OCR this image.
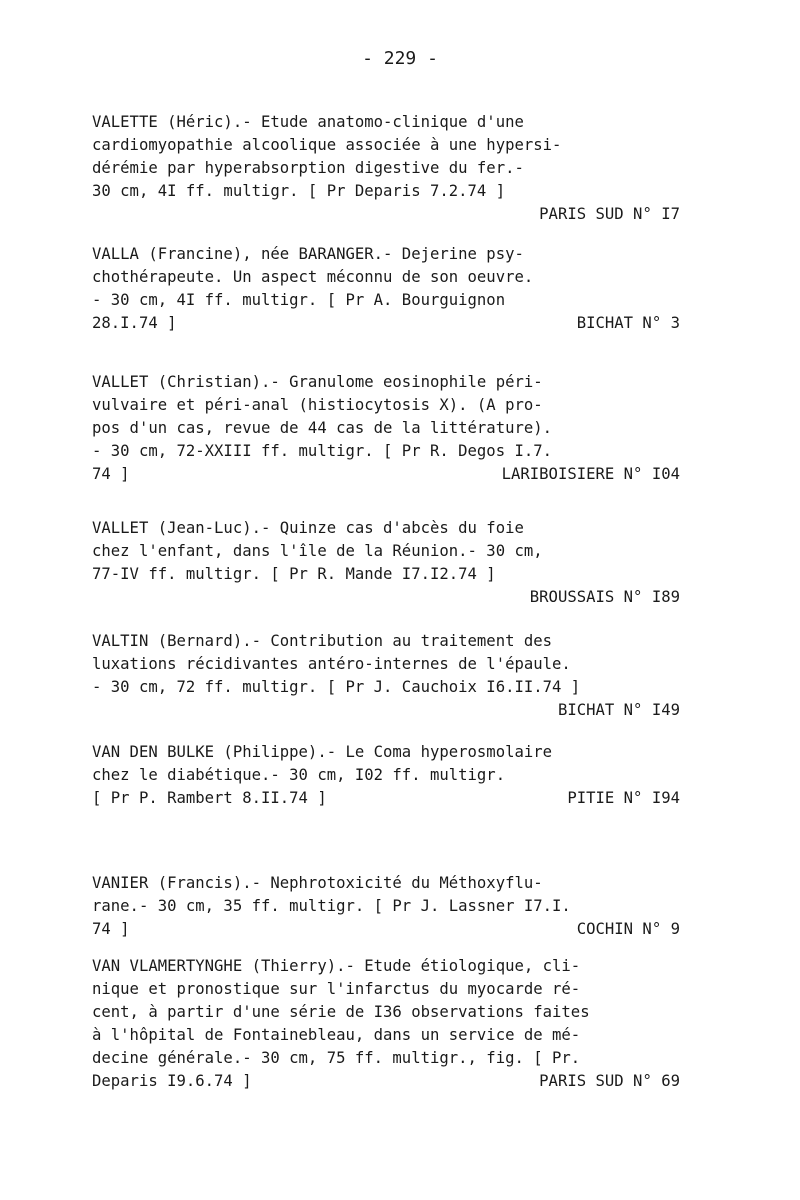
- 229 -
VALETTE (Héric).- Etude anatomo-clinique d'une
cardiomyopathie alcoolique associée à une hypersi-
dérémie par hyperabsorption digestive du fer.-
30 cm, 4I ff. multigr. [ Pr Deparis 7.2.74 ]
PARIS SUD N° I7
VALLA (Francine), née BARANGER.- Dejerine psy-
chothérapeute. Un aspect méconnu de son oeuvre.
- 30 cm, 4I ff. multigr. [ Pr A. Bourguignon
28.I.74 ]	BICHAT N° 3
VALLET (Christian).- Granulome eosinophile péri-
vulvaire et péri-anal (histiocytosis X). (A pro-
pos d'un cas, revue de 44 cas de la littérature).
- 30 cm, 72-XXIII ff. multigr. [ Pr R. Degos I.7.
74 ]	LARIBOISIERE N° I04
VALLET (Jean-Luc).- Quinze cas d'abcès du foie
chez l'enfant, dans l'île de la Réunion.- 30 cm,
77-IV ff. multigr. [ Pr R. Mande I7.I2.74 ]
BROUSSAIS N° I89
VALTIN (Bernard).- Contribution au traitement des
luxations récidivantes antéro-internes de l'épaule.
- 30 cm, 72 ff. multigr. [ Pr J. Cauchoix I6.II.74 ]
BICHAT N° I49
VAN DEN BULKE (Philippe).- Le Coma hyperosmolaire
chez le diabétique.- 30 cm, I02 ff. multigr.
[ Pr P. Rambert 8.II.74 ]	PITIE N° I94
VANIER (Francis).- Nephrotoxicité du Méthoxyflu-
rane.- 30 cm, 35 ff. multigr. [ Pr J. Lassner I7.I.
74 ]	COCHIN N° 9
VAN VLAMERTYNGHE (Thierry).- Etude étiologique, cli-
nique et pronostique sur l'infarctus du myocarde ré-
cent, à partir d'une série de I36 observations faites
à l'hôpital de Fontainebleau, dans un service de mé-
decine générale.- 30 cm, 75 ff. multigr., fig. [ Pr.
Deparis I9.6.74 ]	PARIS SUD N° 69
